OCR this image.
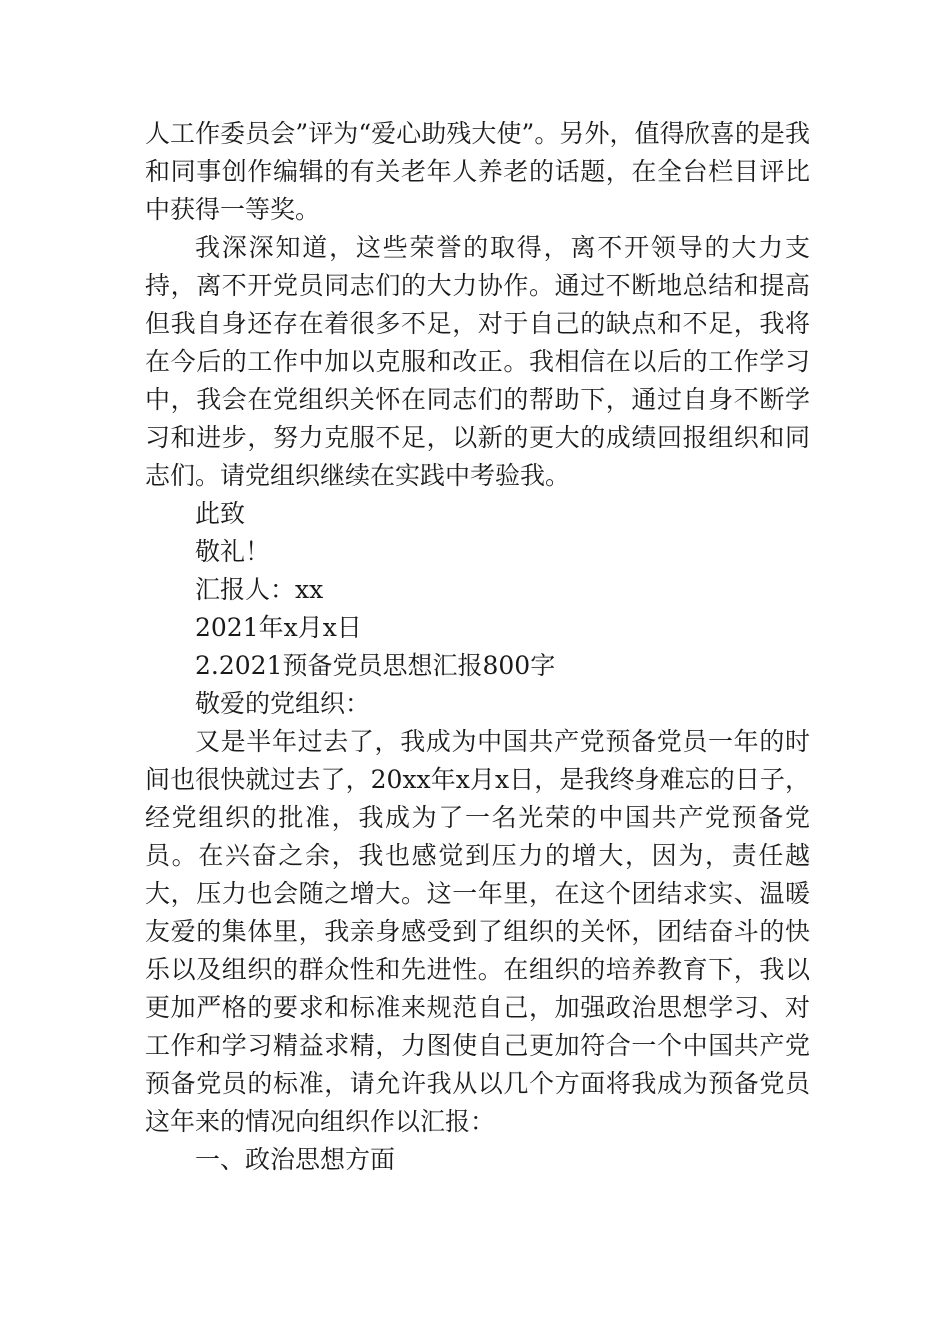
人工作委员会”评为“爱心助残大使”。另外，值得欣喜的是我和同事创作编辑的有关老年人养老的话题，在全台栏目评比中获得一等奖。

我深深知道，这些荣誉的取得，离不开领导的大力支持，离不开党员同志们的大力协作。通过不断地总结和提高但我自身还存在着很多不足，对于自己的缺点和不足，我将在今后的工作中加以克服和改正。我相信在以后的工作学习中，我会在党组织关怀在同志们的帮助下，通过自身不断学习和进步，努力克服不足，以新的更大的成绩回报组织和同志们。请党组织继续在实践中考验我。

此致

敬礼！

汇报人：xx

2021年x月x日

2.2021预备党员思想汇报800字

敬爱的党组织：

又是半年过去了，我成为中国共产党预备党员一年的时间也很快就过去了，20xx年x月x日，是我终身难忘的日子，经党组织的批准，我成为了一名光荣的中国共产党预备党员。在兴奋之余，我也感觉到压力的增大，因为，责任越大，压力也会随之增大。这一年里，在这个团结求实、温暖友爱的集体里，我亲身感受到了组织的关怀，团结奋斗的快乐以及组织的群众性和先进性。在组织的培养教育下，我以更加严格的要求和标准来规范自己，加强政治思想学习、对工作和学习精益求精，力图使自己更加符合一个中国共产党预备党员的标准，请允许我从以几个方面将我成为预备党员这年来的情况向组织作以汇报：

一、政治思想方面
